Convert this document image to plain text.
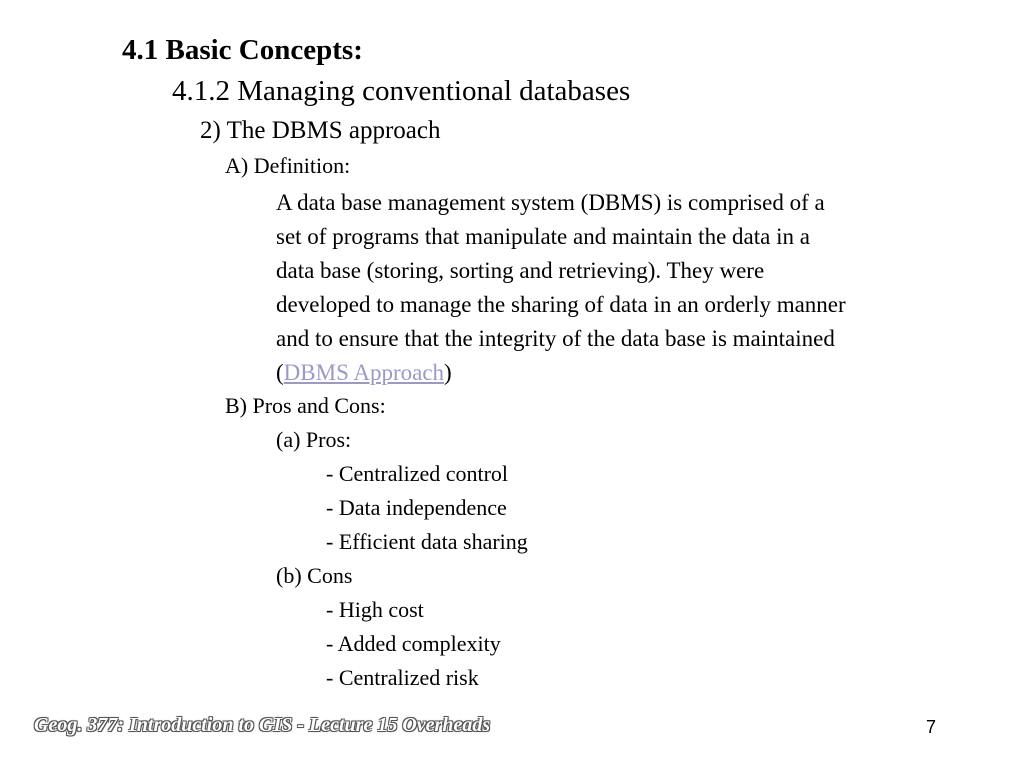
4.1 Basic Concepts:
4.1.2 Managing conventional databases
2) The DBMS approach
A) Definition:
A data base management system (DBMS) is comprised of a
set of programs that manipulate and maintain the data in a
data base (storing, sorting and retrieving). They were
developed to manage the sharing of data in an orderly manner
and to ensure that the integrity of the data base is maintained
(DBMS Approach)
B) Pros and Cons:
(a) Pros:
- Centralized control
- Data independence
- Efficient data sharing
(b) Cons
- High cost
- Added complexity
- Centralized risk
Geog. 377: Introduction to GIS - Lecture 15 Overheads	7
